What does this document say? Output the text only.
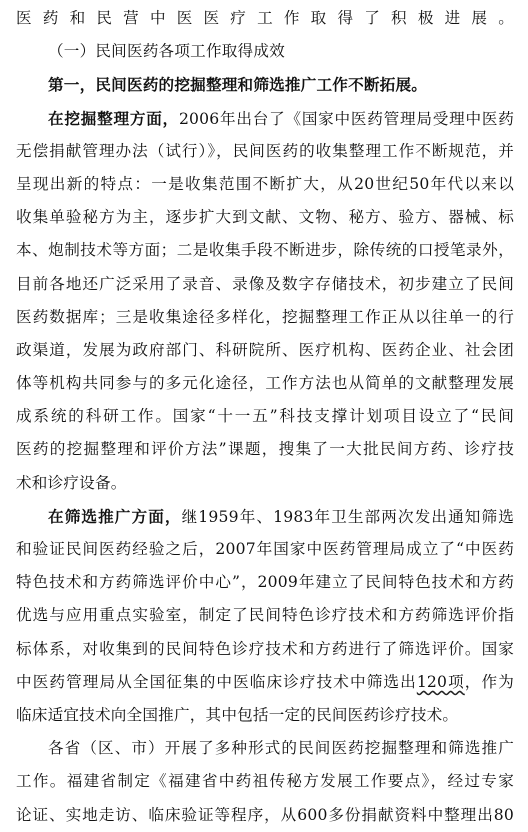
医药和民营中医医疗工作取得了积极进展。
（一）民间医药各项工作取得成效
第一，民间医药的挖掘整理和筛选推广工作不断拓展。
在挖掘整理方面，2006年出台了《国家中医药管理局受理中医药
无偿捐献管理办法（试行）》，民间医药的收集整理工作不断规范，并
呈现出新的特点：一是收集范围不断扩大，从20世纪50年代以来以
收集单验秘方为主，逐步扩大到文献、文物、秘方、验方、器械、标
本、炮制技术等方面；二是收集手段不断进步，除传统的口授笔录外，
目前各地还广泛采用了录音、录像及数字存储技术，初步建立了民间
医药数据库；三是收集途径多样化，挖掘整理工作正从以往单一的行
政渠道，发展为政府部门、科研院所、医疗机构、医药企业、社会团
体等机构共同参与的多元化途径，工作方法也从简单的文献整理发展
成系统的科研工作。国家“十一五”科技支撑计划项目设立了“民间
医药的挖掘整理和评价方法”课题，搜集了一大批民间方药、诊疗技
术和诊疗设备。
在筛选推广方面，继1959年、1983年卫生部两次发出通知筛选
和验证民间医药经验之后，2007年国家中医药管理局成立了“中医药
特色技术和方药筛选评价中心”，2009年建立了民间特色技术和方药
优选与应用重点实验室，制定了民间特色诊疗技术和方药筛选评价指
标体系，对收集到的民间特色诊疗技术和方药进行了筛选评价。国家
中医药管理局从全国征集的中医临床诊疗技术中筛选出120项，作为
临床适宜技术向全国推广，其中包括一定的民间医药诊疗技术。
各省（区、市）开展了多种形式的民间医药挖掘整理和筛选推广
工作。福建省制定《福建省中药祖传秘方发展工作要点》，经过专家
论证、实地走访、临床验证等程序，从600多份捐献资料中整理出80
